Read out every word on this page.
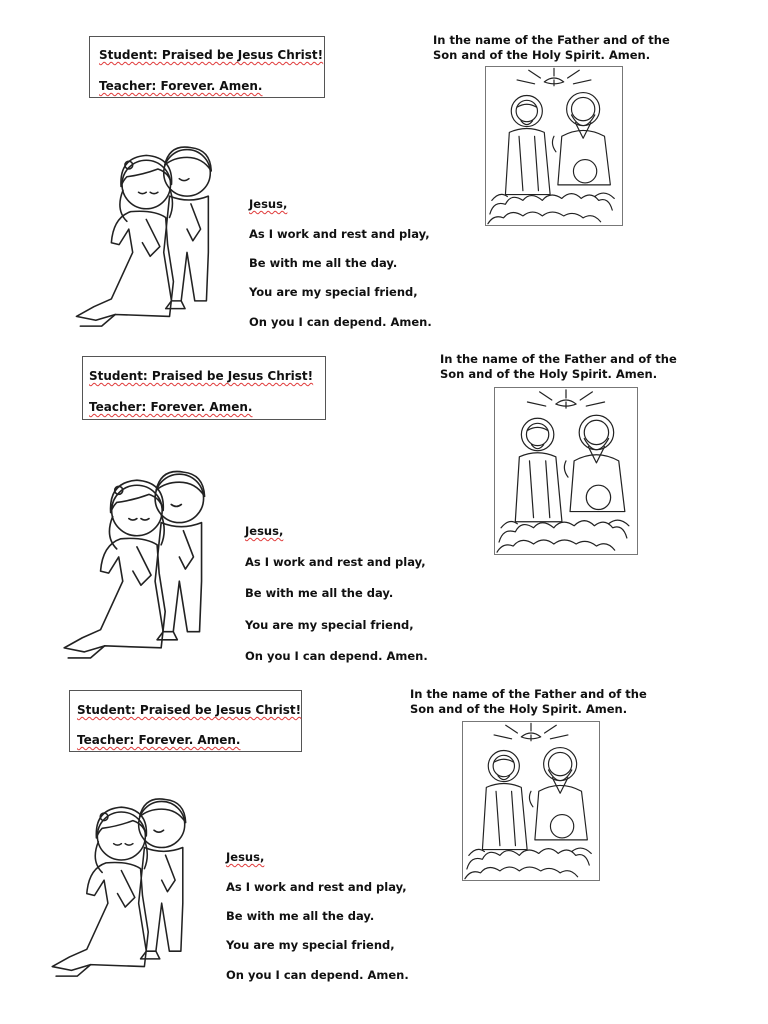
Student: Praised be Jesus Christ!

Teacher: Forever. Amen.

In the name of the Father and of the
Son and of the Holy Spirit. Amen.

Jesus,

As I work and rest and play,

Be with me all the day.

You are my special friend,

On you I can depend. Amen.

Student: Praised be Jesus Christ!

Teacher: Forever. Amen.

In the name of the Father and of the
Son and of the Holy Spirit. Amen.

Jesus,

As I work and rest and play,

Be with me all the day.

You are my special friend,

On you I can depend. Amen.

Student: Praised be Jesus Christ!

Teacher: Forever. Amen.

In the name of the Father and of the
Son and of the Holy Spirit. Amen.

Jesus,

As I work and rest and play,

Be with me all the day.

You are my special friend,

On you I can depend. Amen.
